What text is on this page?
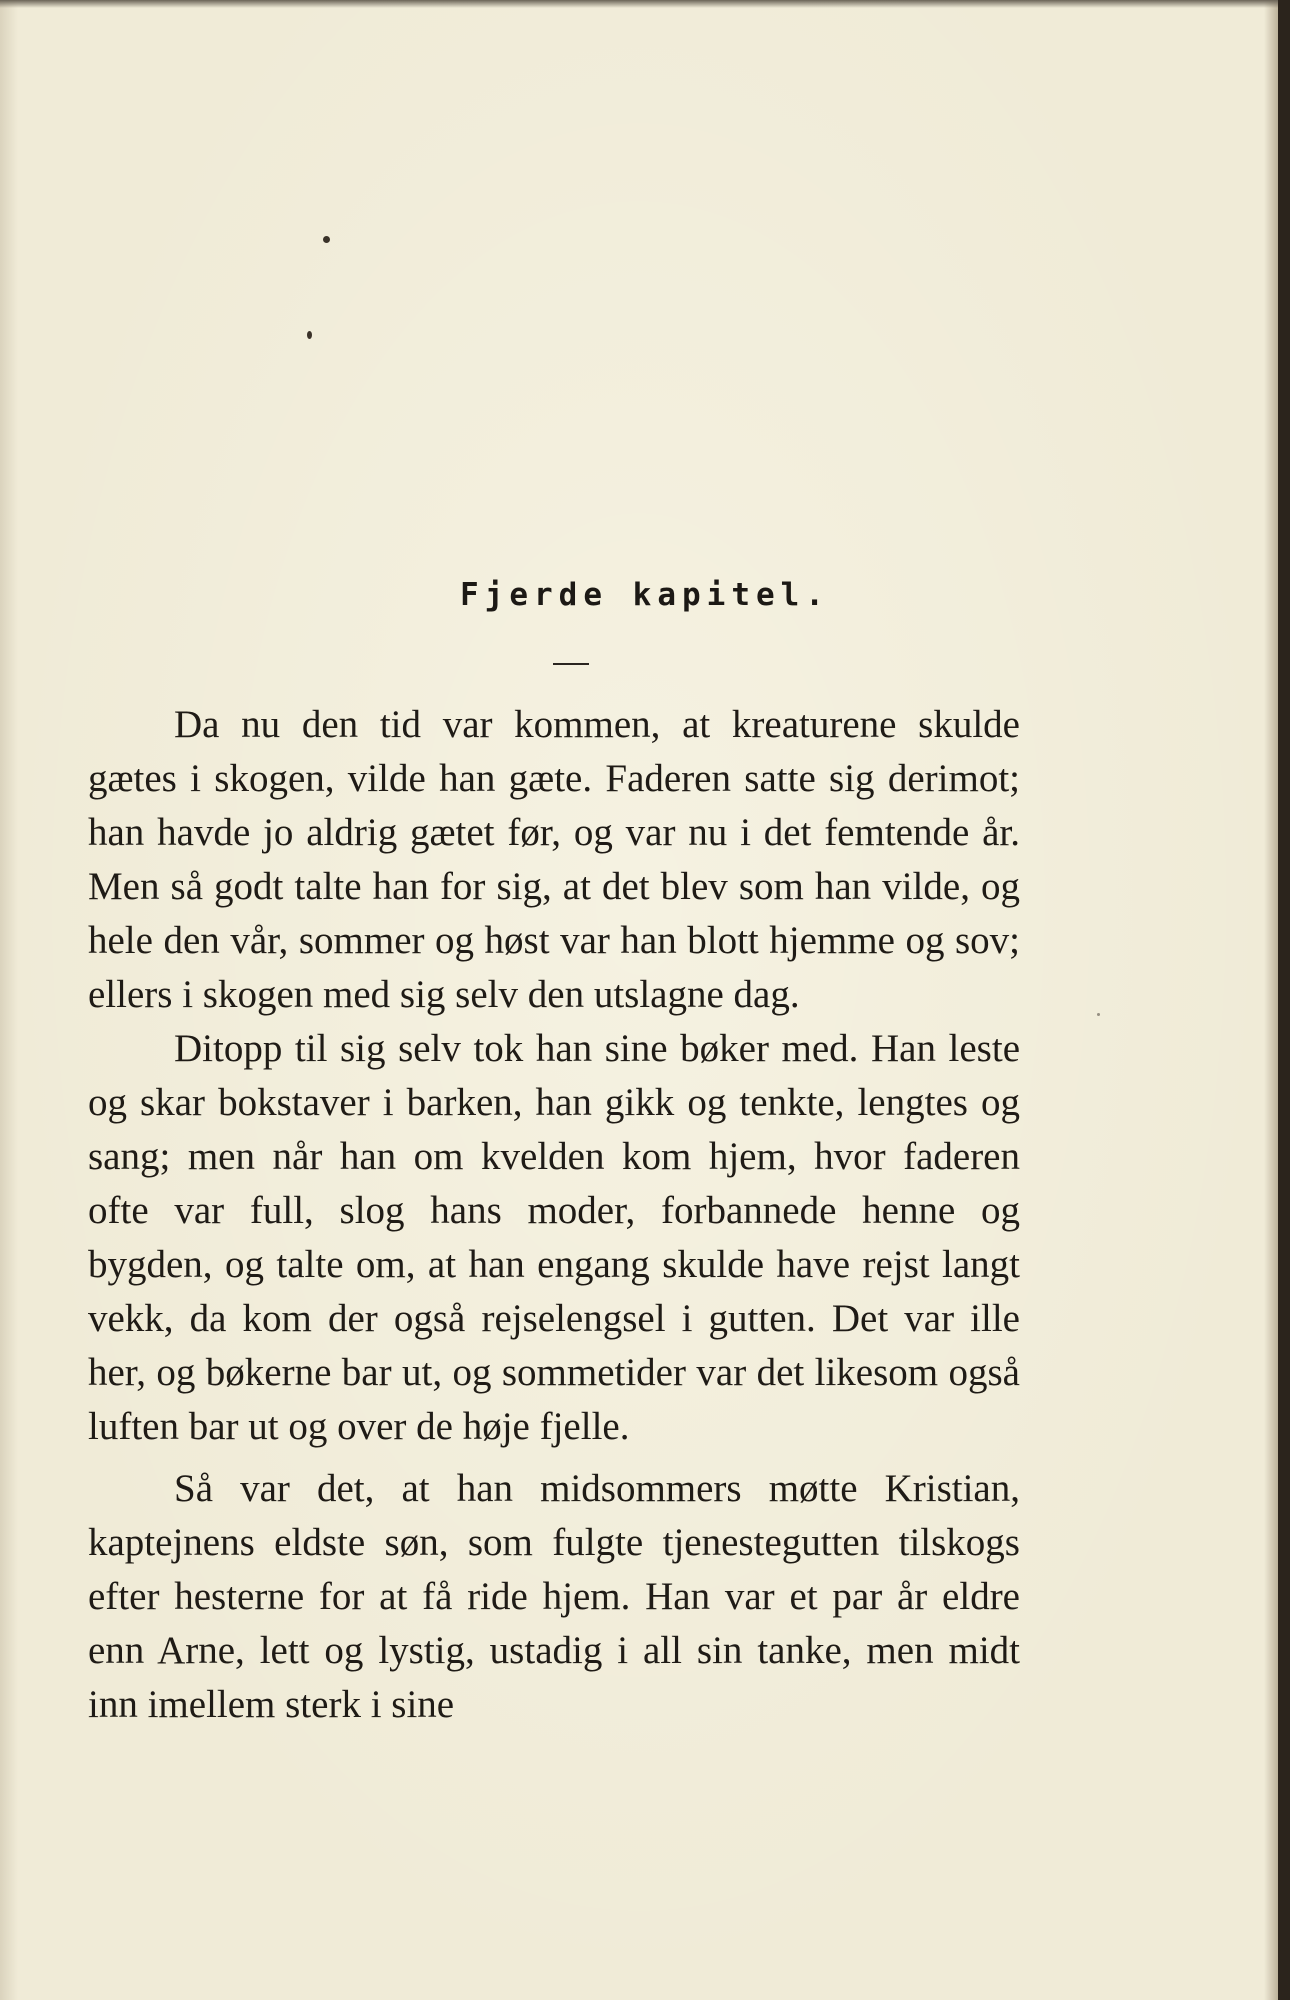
Fjerde kapitel.

Da nu den tid var kommen, at kreaturene skulde gætes i skogen, vilde han gæte. Faderen satte sig derimot; han havde jo aldrig gætet før, og var nu i det femtende år. Men så godt talte han for sig, at det blev som han vilde, og hele den vår, sommer og høst var han blott hjemme og sov; ellers i skogen med sig selv den utslagne dag.

Ditopp til sig selv tok han sine bøker med. Han leste og skar bokstaver i barken, han gikk og tenkte, lengtes og sang; men når han om kvelden kom hjem, hvor faderen ofte var full, slog hans moder, forbannede henne og bygden, og talte om, at han engang skulde have rejst langt vekk, da kom der også rejselengsel i gutten. Det var ille her, og bøkerne bar ut, og sommetider var det likesom også luften bar ut og over de høje fjelle.

Så var det, at han midsommers møtte Kristian, kaptejnens eldste søn, som fulgte tjenestegutten tilskogs efter hesterne for at få ride hjem. Han var et par år eldre enn Arne, lett og lystig, ustadig i all sin tanke, men midt inn imellem sterk i sine
